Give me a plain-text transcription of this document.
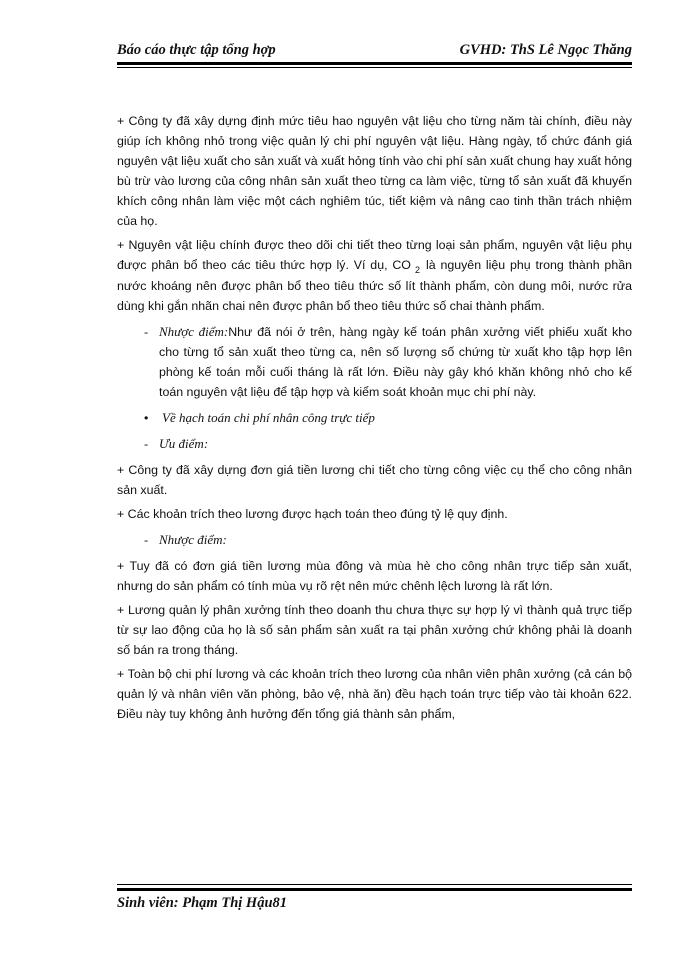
Báo cáo thực tập tổng hợp	GVHD: ThS Lê Ngọc Thăng

+ Công ty đã xây dựng định mức tiêu hao nguyên vật liệu cho từng năm tài chính, điều này giúp ích không nhỏ trong việc quản lý chi phí nguyên vật liệu. Hàng ngày, tổ chức đánh giá nguyên vật liệu xuất cho sản xuất và xuất hỏng tính vào chi phí sản xuất chung hay xuất hỏng bù trừ vào lương của công nhân sản xuất theo từng ca làm việc, từng tổ sản xuất đã khuyến khích công nhân làm việc một cách nghiêm túc, tiết kiệm và nâng cao tinh thần trách nhiệm của họ.

+ Nguyên vật liệu chính được theo dõi chi tiết theo từng loại sản phẩm, nguyên vật liệu phụ được phân bổ theo các tiêu thức hợp lý. Ví dụ, CO $_2$ là nguyên liệu phụ trong thành phần nước khoáng nên được phân bổ theo tiêu thức số lít thành phẩm, còn dung môi, nước rửa dùng khi gắn nhãn chai nên được phân bổ theo tiêu thức số chai thành phẩm.

- Nhược điểm:Như đã nói ở trên, hàng ngày kế toán phân xưởng viết phiếu xuất kho cho từng tổ sản xuất theo từng ca, nên số lượng số chứng từ xuất kho tập hợp lên phòng kế toán mỗi cuối tháng là rất lớn. Điều này gây khó khăn không nhỏ cho kế toán nguyên vật liệu để tập hợp và kiểm soát khoản mục chi phí này.
• Về hạch toán chi phí nhân công trực tiếp
- Ưu điểm:

+ Công ty đã xây dựng đơn giá tiền lương chi tiết cho từng công việc cụ thể cho công nhân sản xuất.

+ Các khoản trích theo lương được hạch toán theo đúng tỷ lệ quy định.

- Nhược điểm:

+ Tuy đã có đơn giá tiền lương mùa đông và mùa hè cho công nhân trực tiếp sản xuất, nhưng do sản phẩm có tính mùa vụ rõ rệt nên mức chênh lệch lương là rất lớn.

+ Lương quản lý phân xưởng tính theo doanh thu chưa thực sự hợp lý vì thành quả trực tiếp từ sự lao động của họ là số sản phẩm sản xuất ra tại phân xưởng chứ không phải là doanh số bán ra trong tháng.

+ Toàn bộ chi phí lương và các khoản trích theo lương của nhân viên phân xưởng (cả cán bộ quản lý và nhân viên văn phòng, bảo vệ, nhà ăn) đều hạch toán trực tiếp vào tài khoản 622. Điều này tuy không ảnh hưởng đến tổng giá thành sản phẩm,

Sinh viên: Phạm Thị Hậu81
